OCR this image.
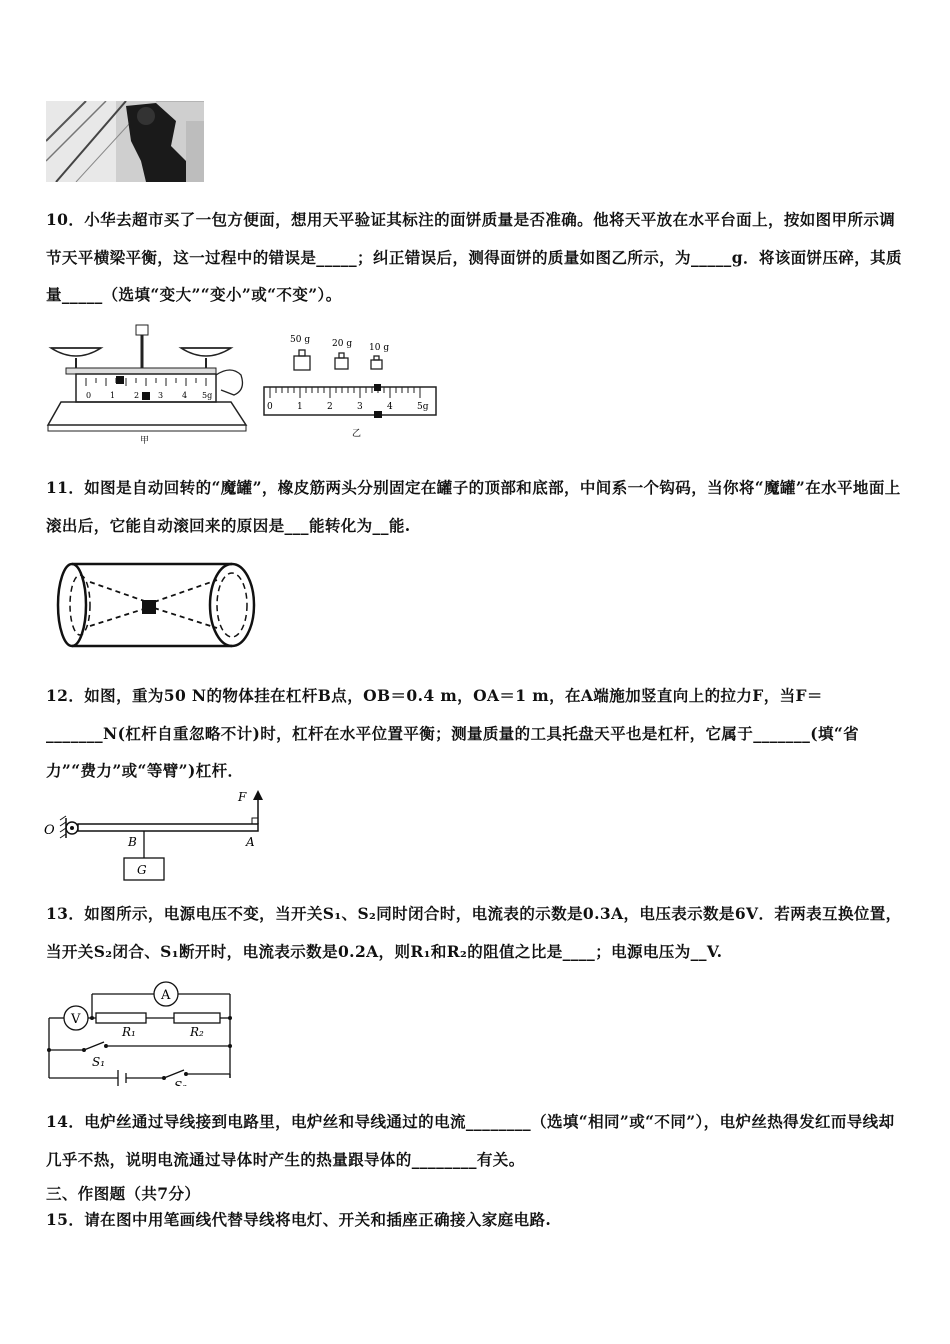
10．小华去超市买了一包方便面，想用天平验证其标注的面饼质量是否准确。他将天平放在水平台面上，按如图甲所示调节天平横梁平衡，这一过程中的错误是_____；纠正错误后，测得面饼的质量如图乙所示，为_____g．将该面饼压碎，其质量_____（选填“变大”“变小”或“不变”）。
0 1 2 3 4 5g
甲
50 g 20 g 10 g
0	1	2	3	4	5g
乙
11．如图是自动回转的“魔罐”，橡皮筋两头分别固定在罐子的顶部和底部，中间系一个钩码，当你将“魔罐”在水平地面上滚出后，它能自动滚回来的原因是___能转化为__能.
12．如图，重为50 N的物体挂在杠杆B点，OB＝0.4 m，OA＝1 m，在A端施加竖直向上的拉力F，当F＝_______N(杠杆自重忽略不计)时，杠杆在水平位置平衡；测量质量的工具托盘天平也是杠杆，它属于_______(填“省力”“费力”或“等臂”)杠杆．
O
F
A
B
G
13．如图所示，电源电压不变，当开关S₁、S₂同时闭合时，电流表的示数是0.3A，电压表示数是6V．若两表互换位置，当开关S₂闭合、S₁断开时，电流表示数是0.2A，则R₁和R₂的阻值之比是____；电源电压为__V.
A
V
R₁	R₂
S₁
S₂
14．电炉丝通过导线接到电路里，电炉丝和导线通过的电流________（选填“相同”或“不同”），电炉丝热得发红而导线却几乎不热，说明电流通过导体时产生的热量跟导体的________有关。
三、作图题（共7分）
15．请在图中用笔画线代替导线将电灯、开关和插座正确接入家庭电路.
